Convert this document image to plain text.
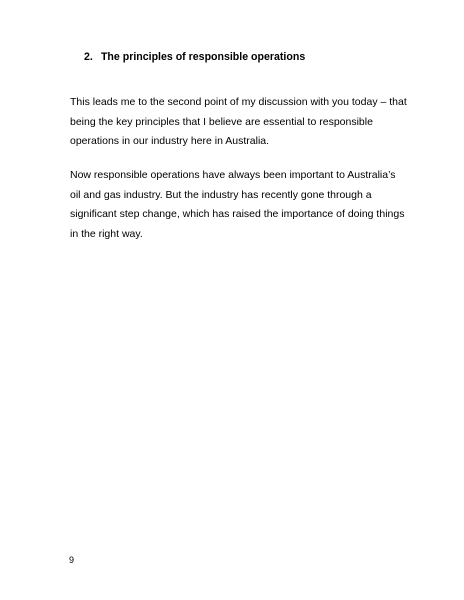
2. The principles of responsible operations
This leads me to the second point of my discussion with you today – that
being the key principles that I believe are essential to responsible
operations in our industry here in Australia.
Now responsible operations have always been important to Australia’s
oil and gas industry. But the industry has recently gone through a
significant step change, which has raised the importance of doing things
in the right way.
9
